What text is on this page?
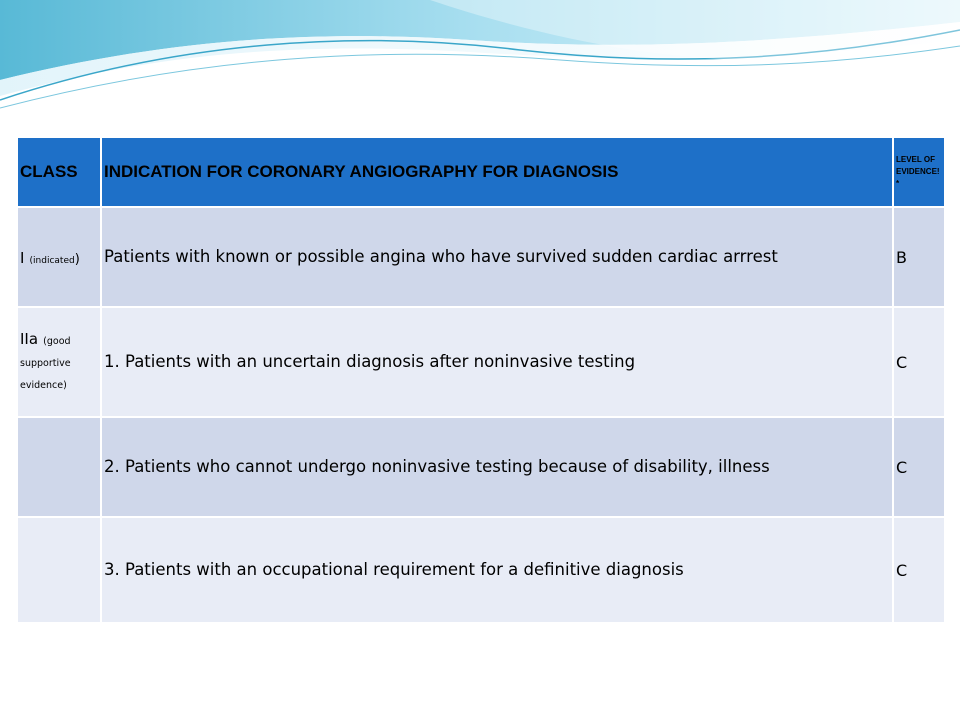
CLASS	INDICATION FOR CORONARY ANGIOGRAPHY FOR DIAGNOSIS	LEVEL OF EVIDENCE! *
I (indicated)	Patients with known or possible angina who have survived sudden cardiac arrrest	B

IIa (good supportive evidence)	1. Patients with an uncertain diagnosis after noninvasive testing	C
	2. Patients who cannot undergo noninvasive testing because of disability, illness	C
	3. Patients with an occupational requirement for a definitive diagnosis	C
